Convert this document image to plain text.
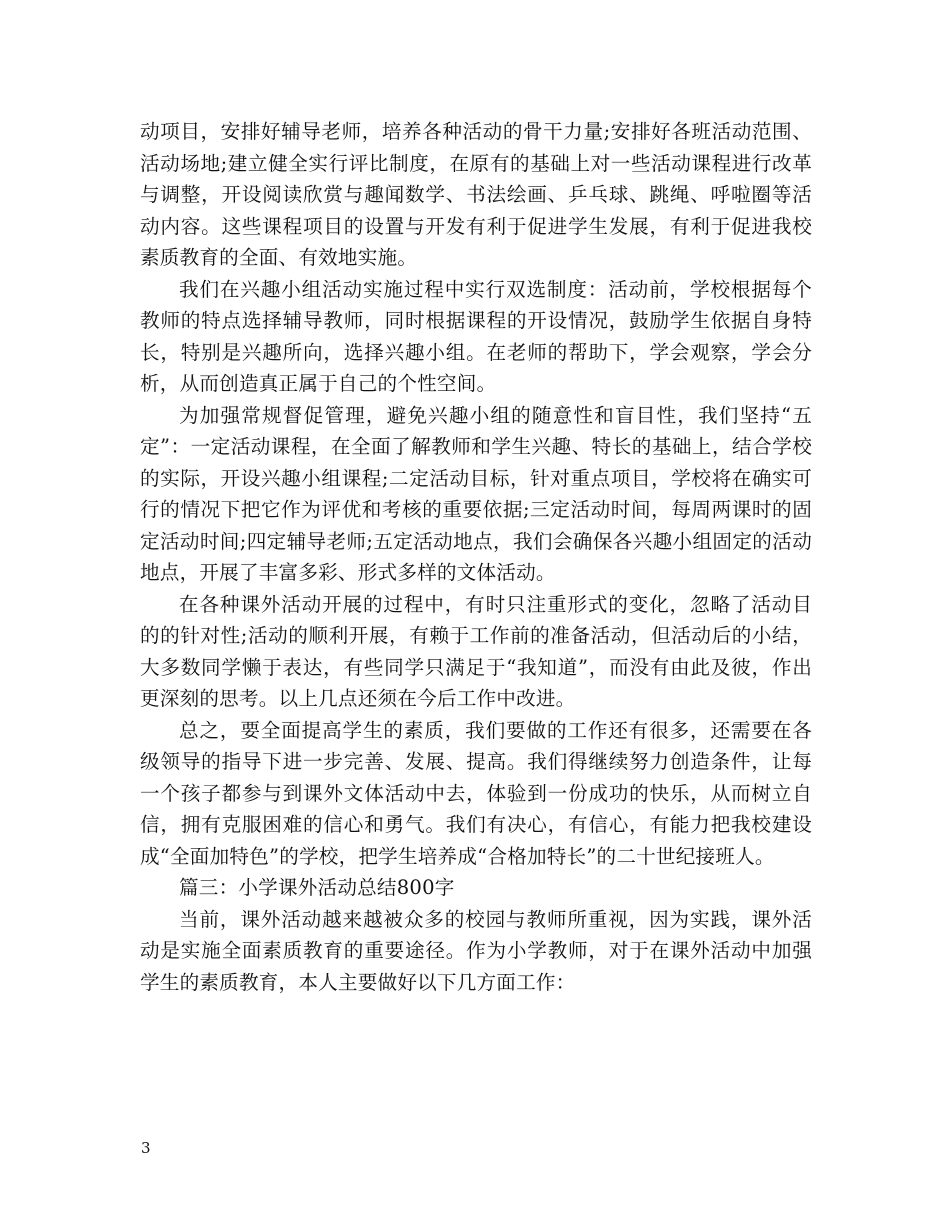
动项目，安排好辅导老师，培养各种活动的骨干力量;安排好各班活动范围、活动场地;建立健全实行评比制度，在原有的基础上对一些活动课程进行改革与调整，开设阅读欣赏与趣闻数学、书法绘画、乒乓球、跳绳、呼啦圈等活动内容。这些课程项目的设置与开发有利于促进学生发展，有利于促进我校素质教育的全面、有效地实施。

我们在兴趣小组活动实施过程中实行双选制度：活动前，学校根据每个教师的特点选择辅导教师，同时根据课程的开设情况，鼓励学生依据自身特长，特别是兴趣所向，选择兴趣小组。在老师的帮助下，学会观察，学会分析，从而创造真正属于自己的个性空间。

为加强常规督促管理，避免兴趣小组的随意性和盲目性，我们坚持“五定”：一定活动课程，在全面了解教师和学生兴趣、特长的基础上，结合学校的实际，开设兴趣小组课程;二定活动目标，针对重点项目，学校将在确实可行的情况下把它作为评优和考核的重要依据;三定活动时间，每周两课时的固定活动时间;四定辅导老师;五定活动地点，我们会确保各兴趣小组固定的活动地点，开展了丰富多彩、形式多样的文体活动。

在各种课外活动开展的过程中，有时只注重形式的变化，忽略了活动目的的针对性;活动的顺利开展，有赖于工作前的准备活动，但活动后的小结，大多数同学懒于表达，有些同学只满足于“我知道”，而没有由此及彼，作出更深刻的思考。以上几点还须在今后工作中改进。

总之，要全面提高学生的素质，我们要做的工作还有很多，还需要在各级领导的指导下进一步完善、发展、提高。我们得继续努力创造条件，让每一个孩子都参与到课外文体活动中去，体验到一份成功的快乐，从而树立自信，拥有克服困难的信心和勇气。我们有决心，有信心，有能力把我校建设成“全面加特色”的学校，把学生培养成“合格加特长”的二十世纪接班人。

篇三：小学课外活动总结800字

当前，课外活动越来越被众多的校园与教师所重视，因为实践，课外活动是实施全面素质教育的重要途径。作为小学教师，对于在课外活动中加强学生的素质教育，本人主要做好以下几方面工作：

3
